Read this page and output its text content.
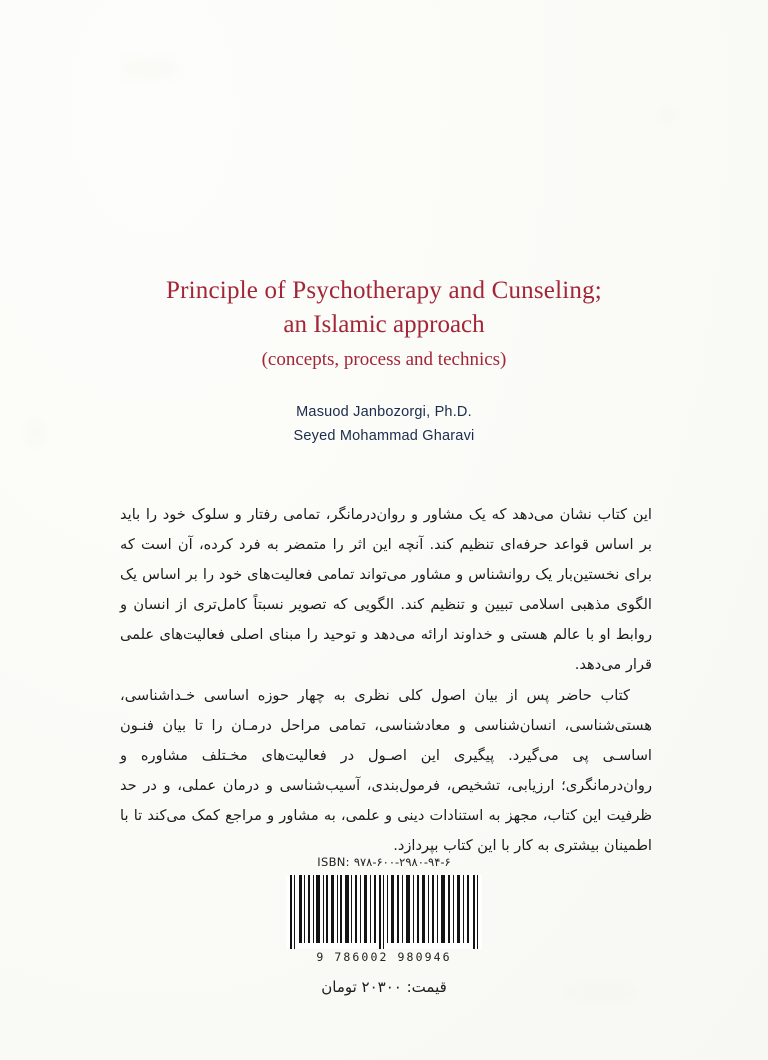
Principle of Psychotherapy and Cunseling;
an Islamic approach
(concepts, process and technics)
Masuod Janbozorgi, Ph.D.
Seyed Mohammad Gharavi

این کتاب نشان می‌دهد که یک مشاور و روان‌درمانگر، تمامی رفتار و سلوک خود را باید بر اساس قواعد حرفه‌ای تنظیم کند. آنچه این اثر را متمضر به فرد کرده، آن است که برای نخستین‌بار یک روانشناس و مشاور می‌تواند تمامی فعالیت‌های خود را بر اساس یک الگوی مذهبی اسلامی تبیین و تنظیم کند. الگویی که تصویر نسبتاً کامل‌تری از انسان و روابط او با عالم هستی و خداوند ارائه می‌دهد و توحید را مبنای اصلی فعالیت‌های علمی قرار می‌دهد.

کتاب حاضر پس از بیان اصول کلی نظری به چهار حوزه اساسی خـداشناسی، هستی‌شناسی، انسان‌شناسی و معادشناسی، تمامی مراحل درمـان را تا بیان فنـون اساسـی پی می‌گیرد. پیگیری این اصـول در فعالیت‌های مخـتلف مشاوره و روان‌درمانگری؛ ارزیابی، تشخیص، فرمول‌بندی، آسیب‌شناسی و درمان عملی، و در حد ظرفیت این کتاب، مجهز به استنادات دینی و علمی، به مشاور و مراجع کمک می‌کند تا با اطمینان بیشتری به کار با این کتاب بپردازد.

ISBN: ۹۷۸-۶۰۰-۲۹۸۰-۹۴-۶
9 786002 980946
قیمت: ۲۰۳۰۰ تومان
